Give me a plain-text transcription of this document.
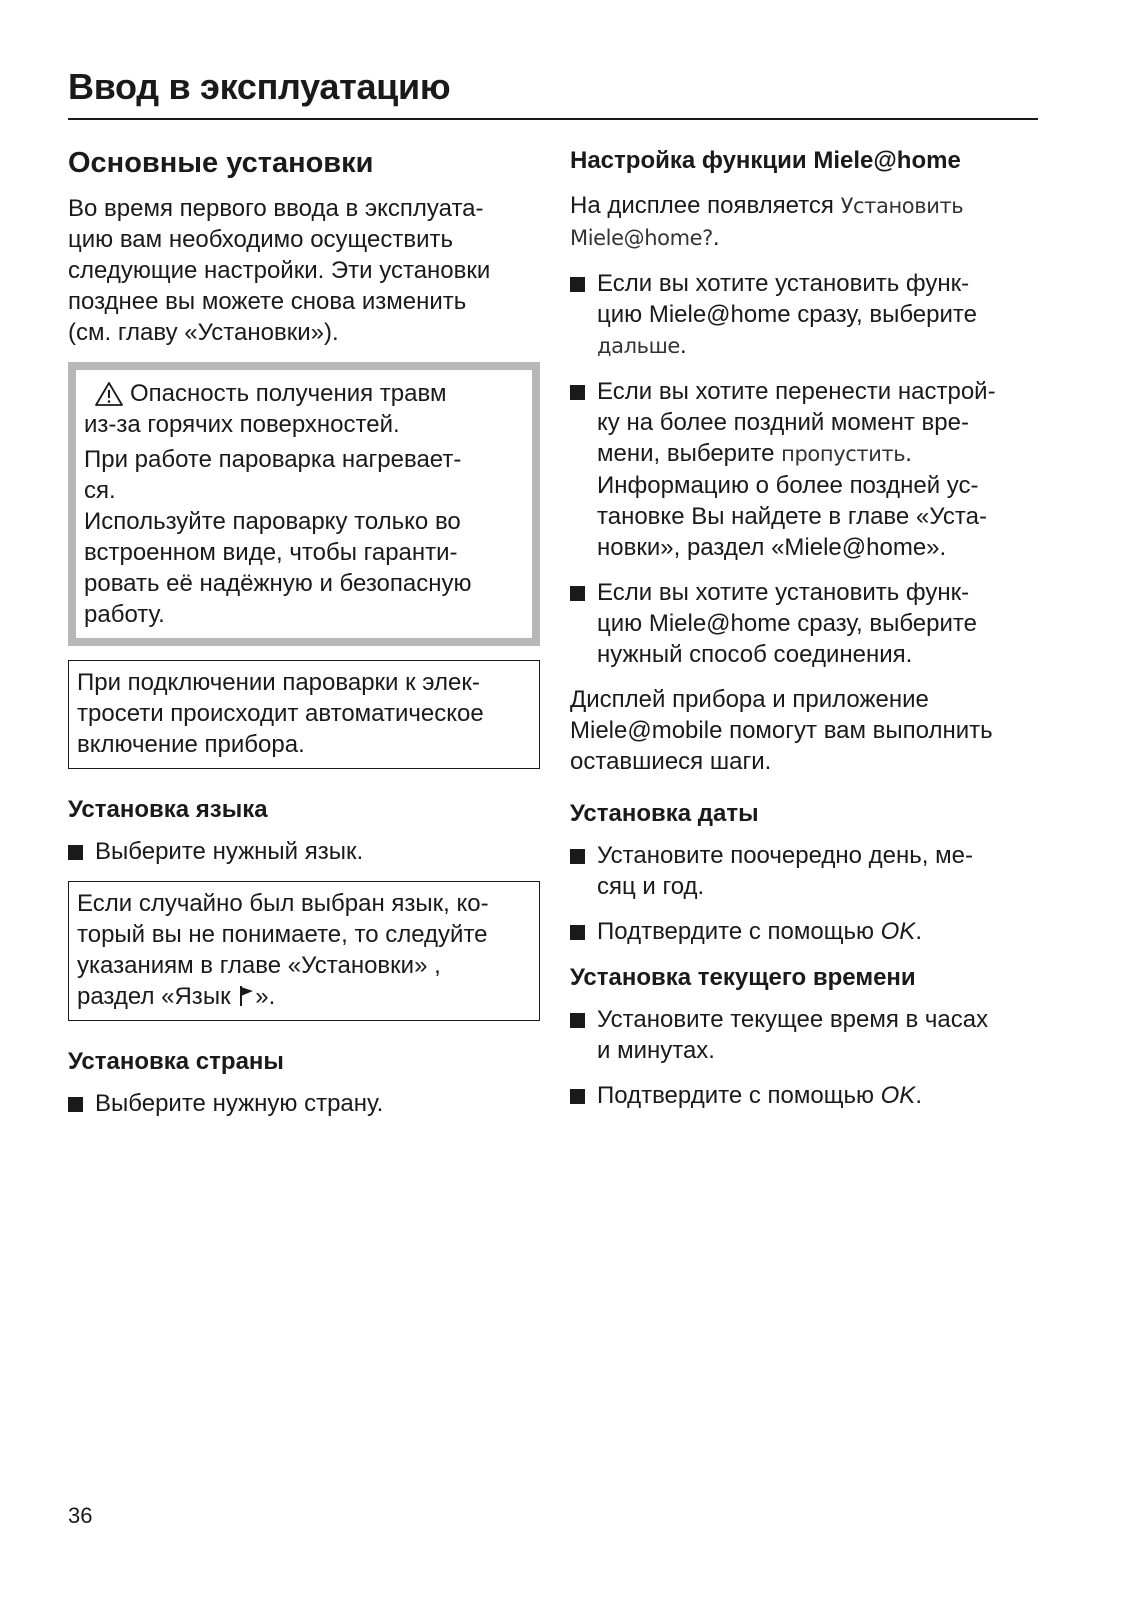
Ввод в эксплуатацию
Основные установки

Во время первого ввода в эксплуата-
цию вам необходимо осуществить
следующие настройки. Эти установки
позднее вы можете снова изменить
(см. главу «Установки»).

Опасность получения травм

из-за горячих поверхностей.

При работе пароварка нагревает-
ся.

Используйте пароварку только во
встроенном виде, чтобы гаранти-
ровать её надёжную и безопасную
работу.

При подключении пароварки к элек-
тросети происходит автоматическое
включение прибора.

Установка языка

Выберите нужный язык.

Если случайно был выбран язык, ко-
торый вы не понимаете, то следуйте
указаниям в главе «Установки» ,
раздел «Язык ».

Установка страны

Выберите нужную страну.

Настройка функции Miele@home

На дисплее появляется Установить
Miele@home?.

Если вы хотите установить функ-
цию Miele@home сразу, выберите
дальше.

Если вы хотите перенести настрой-
ку на более поздний момент вре-
мени, выберите пропустить.
Информацию о более поздней ус-
тановке Вы найдете в главе «Уста-
новки», раздел «Miele@home».

Если вы хотите установить функ-
цию Miele@home сразу, выберите
нужный способ соединения.

Дисплей прибора и приложение
Miele@mobile помогут вам выполнить
оставшиеся шаги.

Установка даты

Установите поочередно день, ме-
сяц и год.

Подтвердите с помощью OK.

Установка текущего времени

Установите текущее время в часах
и минутах.

Подтвердите с помощью OK.

36
